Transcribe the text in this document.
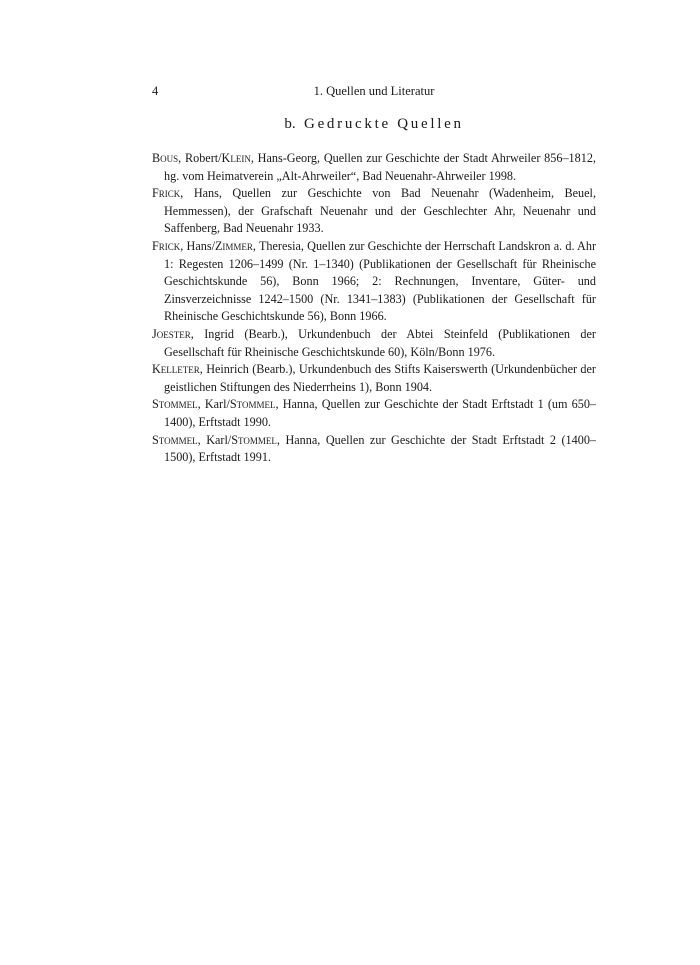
4	1. Quellen und Literatur
b. Gedruckte Quellen

Bous, Robert/Klein, Hans-Georg, Quellen zur Geschichte der Stadt Ahrweiler 856–1812, hg. vom Heimatverein „Alt-Ahrweiler“, Bad Neuenahr-Ahrweiler 1998.

Frick, Hans, Quellen zur Geschichte von Bad Neuenahr (Wadenheim, Beuel, Hemmessen), der Grafschaft Neuenahr und der Geschlechter Ahr, Neuenahr und Saffenberg, Bad Neuenahr 1933.

Frick, Hans/Zimmer, Theresia, Quellen zur Geschichte der Herrschaft Landskron a. d. Ahr 1: Regesten 1206–1499 (Nr. 1–1340) (Publikationen der Gesellschaft für Rheinische Geschichtskunde 56), Bonn 1966; 2: Rechnungen, Inventare, Güter- und Zinsverzeichnisse 1242–1500 (Nr. 1341–1383) (Publikationen der Gesellschaft für Rheinische Geschichtskunde 56), Bonn 1966.

Joester, Ingrid (Bearb.), Urkundenbuch der Abtei Steinfeld (Publikationen der Gesellschaft für Rheinische Geschichtskunde 60), Köln/Bonn 1976.

Kelleter, Heinrich (Bearb.), Urkundenbuch des Stifts Kaiserswerth (Urkundenbücher der geistlichen Stiftungen des Niederrheins 1), Bonn 1904.

Stommel, Karl/Stommel, Hanna, Quellen zur Geschichte der Stadt Erftstadt 1 (um 650–1400), Erftstadt 1990.

Stommel, Karl/Stommel, Hanna, Quellen zur Geschichte der Stadt Erftstadt 2 (1400–1500), Erftstadt 1991.
